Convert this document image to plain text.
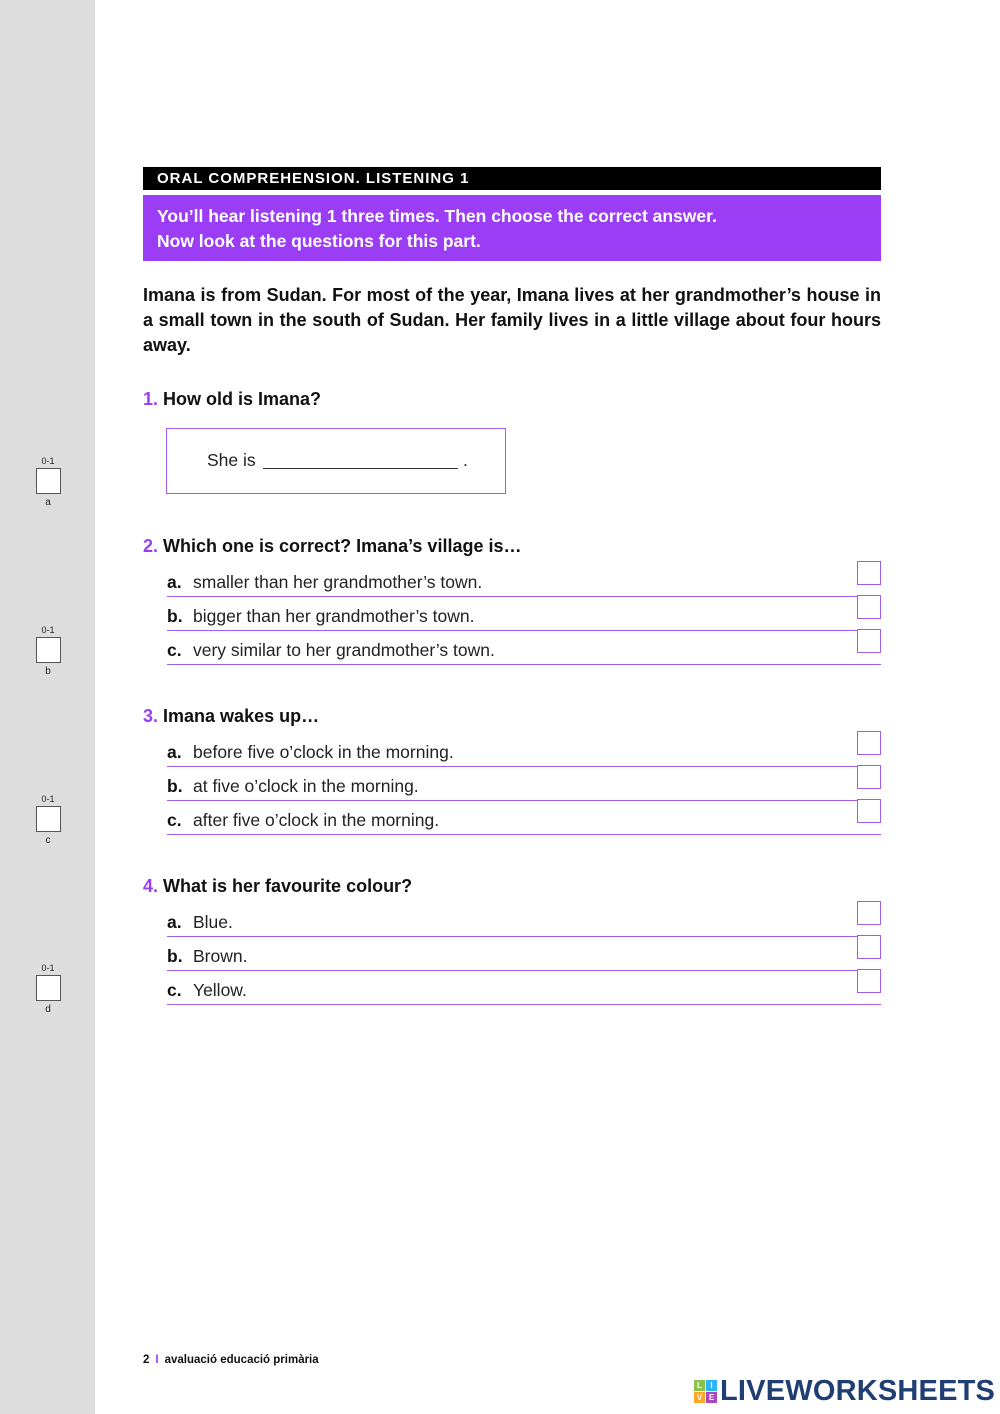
0-1
a
0-1
b
0-1
c
0-1
d
ORAL COMPREHENSION. LISTENING 1
You’ll hear listening 1 three times. Then choose the correct answer.
Now look at the questions for this part.
Imana is from Sudan. For most of the year, Imana lives at her grandmother’s house in a small town in the south of Sudan. Her family lives in a little village about four hours away.
1. How old is Imana?
She is	.
2. Which one is correct? Imana’s village is…
a. smaller than her grandmother’s town.
b. bigger than her grandmother’s town.
c. very similar to her grandmother’s town.
3. Imana wakes up…
a. before five o’clock in the morning.
b. at five o’clock in the morning.
c. after five o’clock in the morning.
4. What is her favourite colour?
a. Blue.
b. Brown.
c. Yellow.
2 I avaluació educació primària
L	I
V E LIVEWORKSHEETS
